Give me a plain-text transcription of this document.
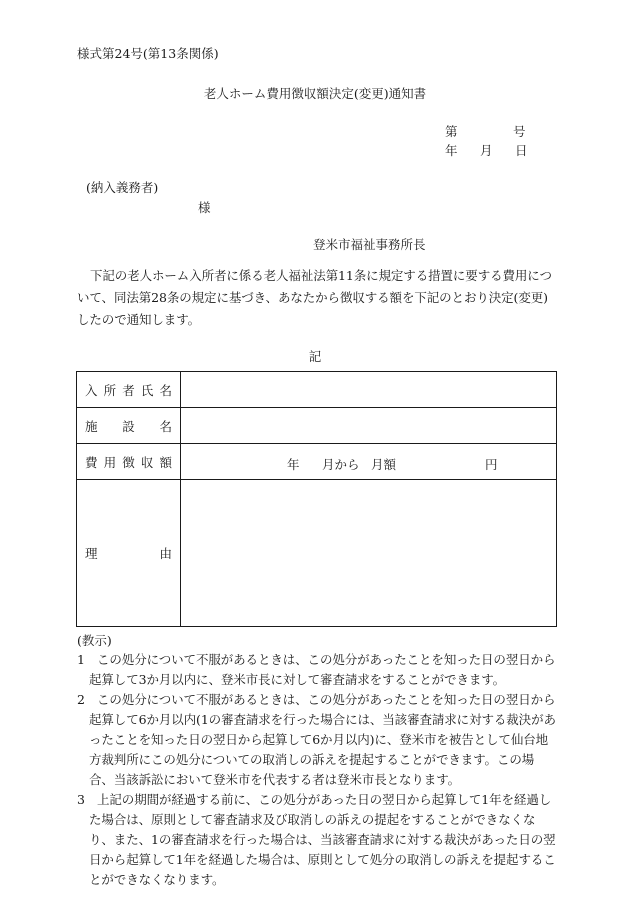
様式第24号(第13条関係)
老人ホーム費用徴収額決定(変更)通知書
第	号
年 月 日
(納入義務者)
様
登米市福祉事務所長
下記の老人ホーム入所者に係る老人福祉法第11条に規定する措置に要する費用について、同法第28条の規定に基づき、あなたから徴収する額を下記のとおり決定(変更)したので通知します。
記
入 所 者 氏 名	

施 設 名	

費 用 徴 収 額	年 月から 月額 円

理 由	

(教示)
1 この処分について不服があるときは、この処分があったことを知った日の翌日から起算して3か月以内に、登米市長に対して審査請求をすることができます。
2 この処分について不服があるときは、この処分があったことを知った日の翌日から起算して6か月以内(1の審査請求を行った場合には、当該審査請求に対する裁決があったことを知った日の翌日から起算して6か月以内)に、登米市を被告として仙台地方裁判所にこの処分についての取消しの訴えを提起することができます。この場合、当該訴訟において登米市を代表する者は登米市長となります。
3 上記の期間が経過する前に、この処分があった日の翌日から起算して1年を経過した場合は、原則として審査請求及び取消しの訴えの提起をすることができなくなり、また、1の審査請求を行った場合は、当該審査請求に対する裁決があった日の翌日から起算して1年を経過した場合は、原則として処分の取消しの訴えを提起することができなくなります。
